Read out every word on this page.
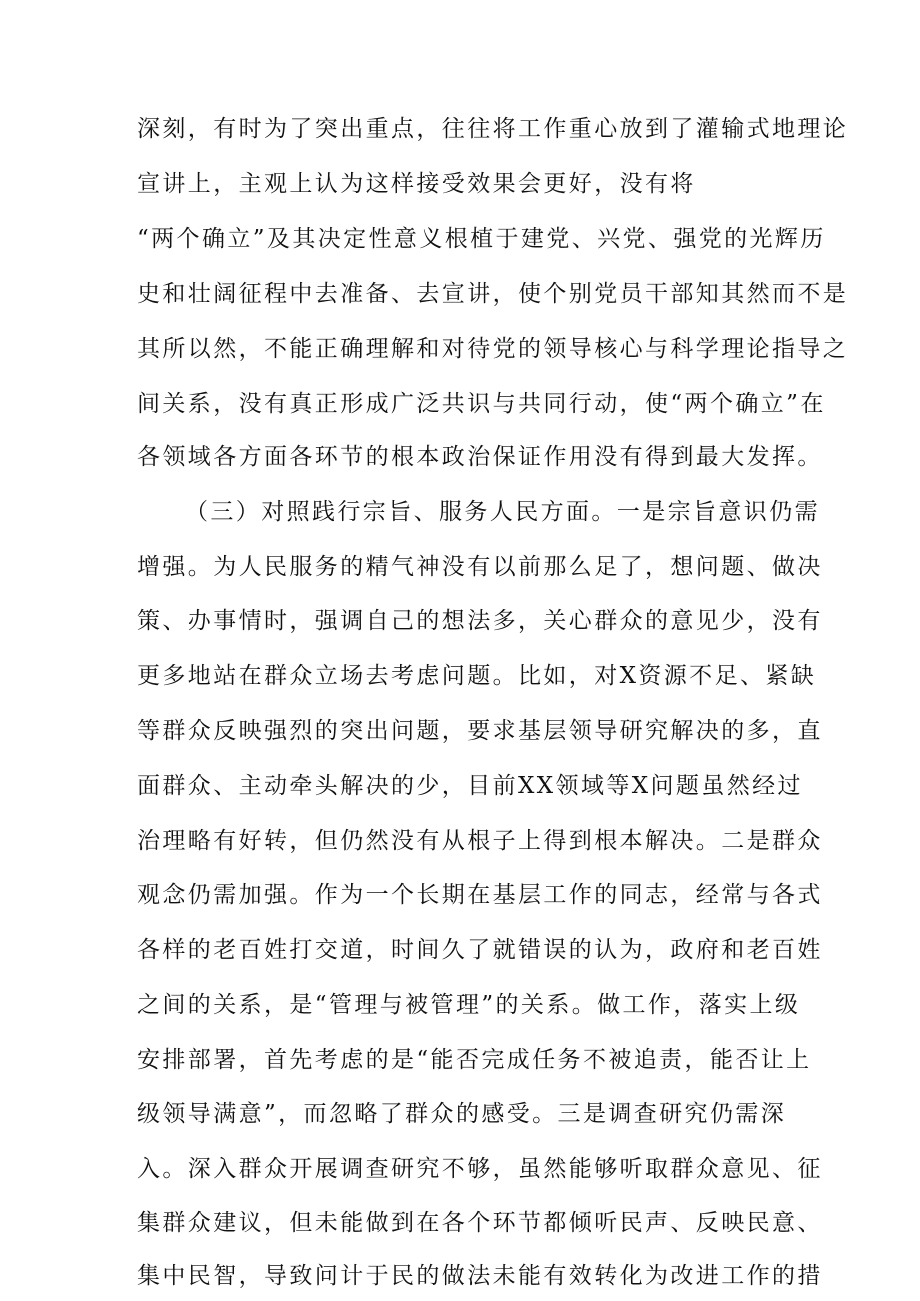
深刻，有时为了突出重点，往往将工作重心放到了灌输式地理论
宣讲上，主观上认为这样接受效果会更好，没有将
“两个确立”及其决定性意义根植于建党、兴党、强党的光辉历
史和壮阔征程中去准备、去宣讲，使个别党员干部知其然而不是
其所以然，不能正确理解和对待党的领导核心与科学理论指导之
间关系，没有真正形成广泛共识与共同行动，使“两个确立”在
各领域各方面各环节的根本政治保证作用没有得到最大发挥。
（三）对照践行宗旨、服务人民方面。一是宗旨意识仍需
增强。为人民服务的精气神没有以前那么足了，想问题、做决
策、办事情时，强调自己的想法多，关心群众的意见少，没有
更多地站在群众立场去考虑问题。比如，对X资源不足、紧缺
等群众反映强烈的突出问题，要求基层领导研究解决的多，直
面群众、主动牵头解决的少，目前XX领域等X问题虽然经过
治理略有好转，但仍然没有从根子上得到根本解决。二是群众
观念仍需加强。作为一个长期在基层工作的同志，经常与各式
各样的老百姓打交道，时间久了就错误的认为，政府和老百姓
之间的关系，是“管理与被管理”的关系。做工作，落实上级
安排部署，首先考虑的是“能否完成任务不被追责，能否让上
级领导满意”，而忽略了群众的感受。三是调查研究仍需深
入。深入群众开展调查研究不够，虽然能够听取群众意见、征
集群众建议，但未能做到在各个环节都倾听民声、反映民意、
集中民智，导致问计于民的做法未能有效转化为改进工作的措
